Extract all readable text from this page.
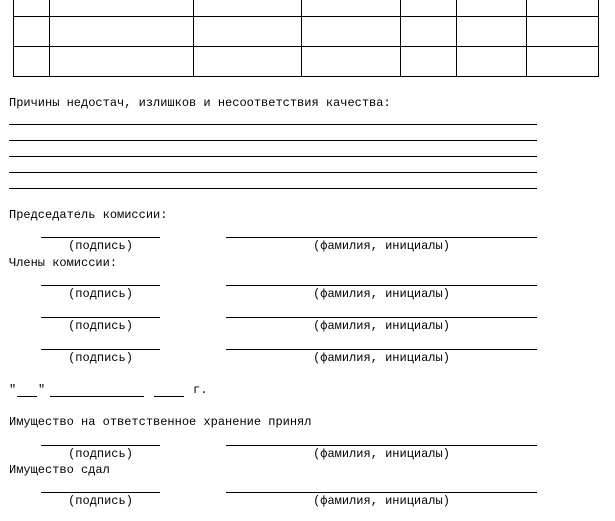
Причины недостач, излишков и несоответствия качества:
Председатель комиссии:
(подпись)	(фамилия, инициалы)
Члены комиссии:
(подпись)	(фамилия, инициалы)
(подпись)	(фамилия, инициалы)
(подпись)	(фамилия, инициалы)
" "	г.
Имущество на ответственное хранение принял
(подпись)	(фамилия, инициалы)
Имущество сдал
(подпись)	(фамилия, инициалы)
